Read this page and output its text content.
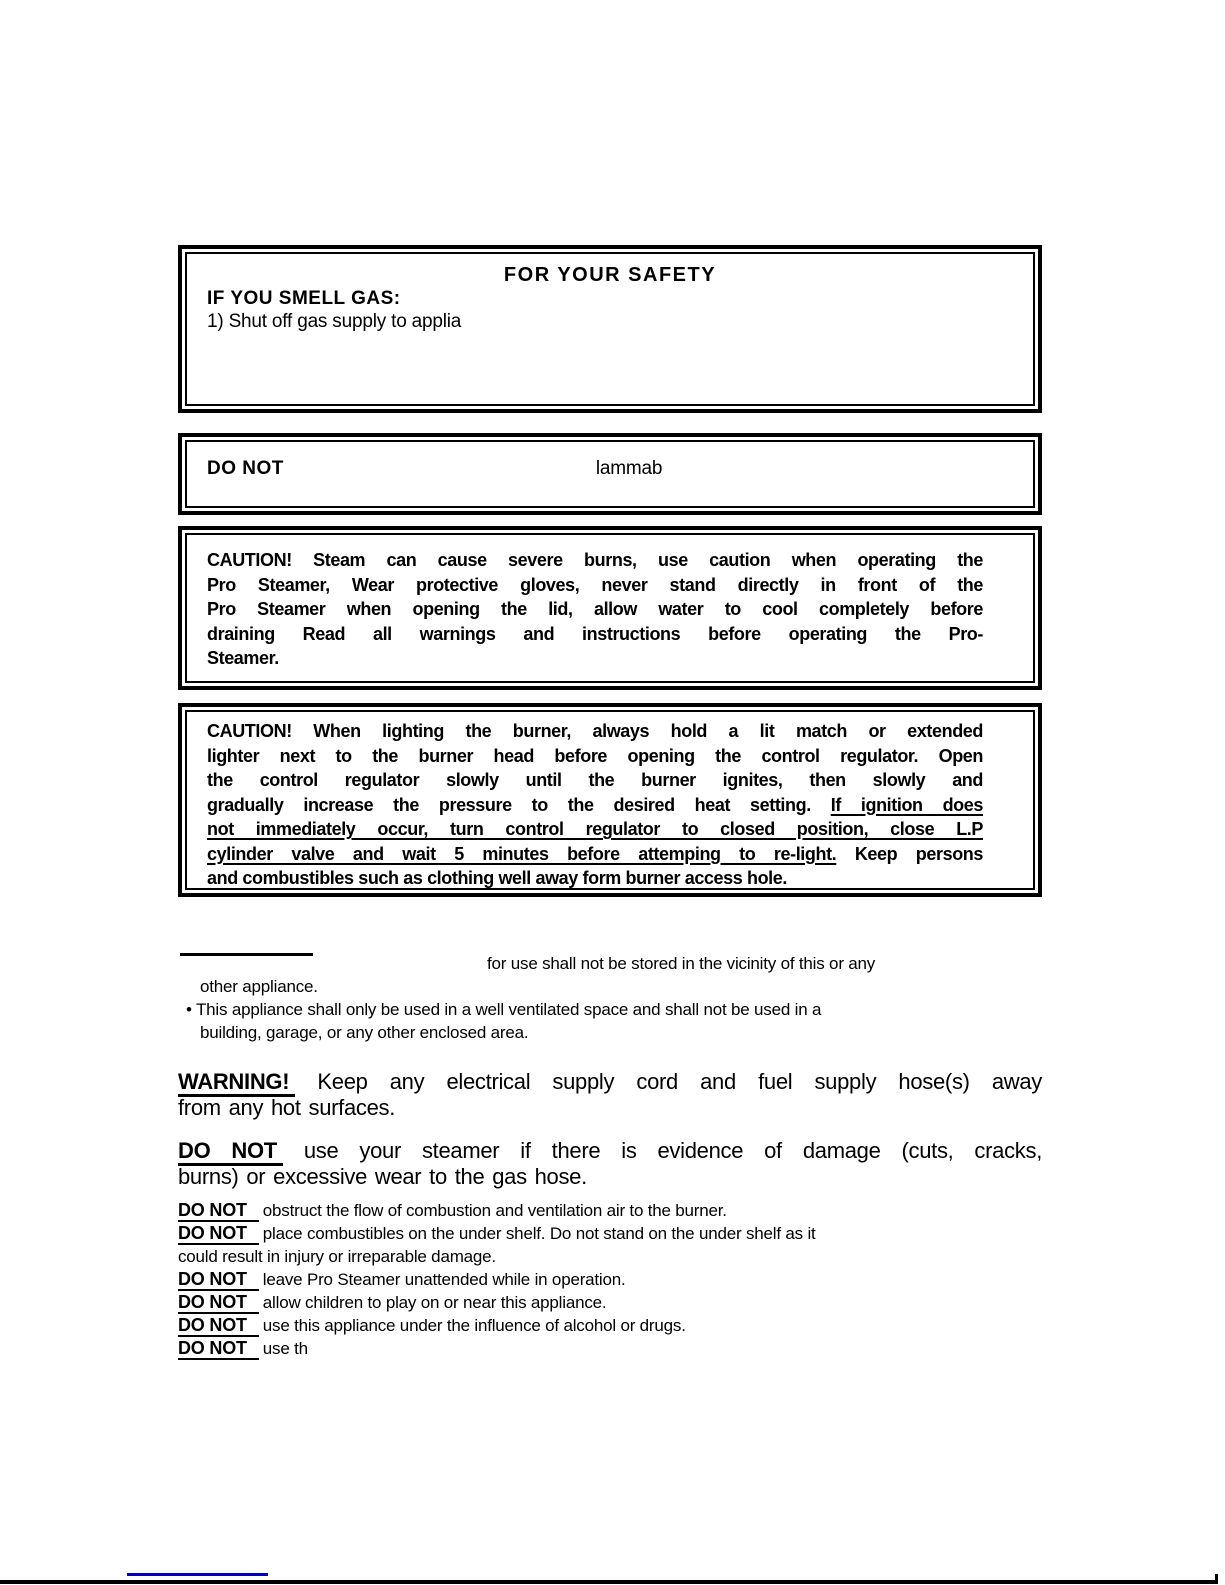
FOR YOUR SAFETY
IF YOU SMELL GAS:
1) Shut off gas supply to applia
DO NOT	lammab
CAUTION! Steam can cause severe burns, use caution when operating the
Pro Steamer, Wear protective gloves, never stand directly in front of the
Pro Steamer when opening the lid, allow water to cool completely before
draining Read all warnings and instructions before operating the Pro-
Steamer.
CAUTION! When lighting the burner, always hold a lit match or extended
lighter next to the burner head before opening the control regulator. Open
the control regulator slowly until the burner ignites, then slowly and
gradually increase the pressure to the desired heat setting. If ignition does
not immediately occur, turn control regulator to closed position, close L.P
cylinder valve and wait 5 minutes before attemping to re-light. Keep persons
and combustibles such as clothing well away form burner access hole.
for use shall not be stored in the vicinity of this or any
other appliance.
• This appliance shall only be used in a well ventilated space and shall not be used in a
building, garage, or any other enclosed area.
WARNING! Keep any electrical supply cord and fuel supply hose(s) away
from any hot surfaces.
DO NOT use your steamer if there is evidence of damage (cuts, cracks,
burns) or excessive wear to the gas hose.
DO NOT obstruct the flow of combustion and ventilation air to the burner.
DO NOT place combustibles on the under shelf. Do not stand on the under shelf as it
could result in injury or irreparable damage.
DO NOT leave Pro Steamer unattended while in operation.
DO NOT allow children to play on or near this appliance.
DO NOT use this appliance under the influence of alcohol or drugs.
DO NOT use th
